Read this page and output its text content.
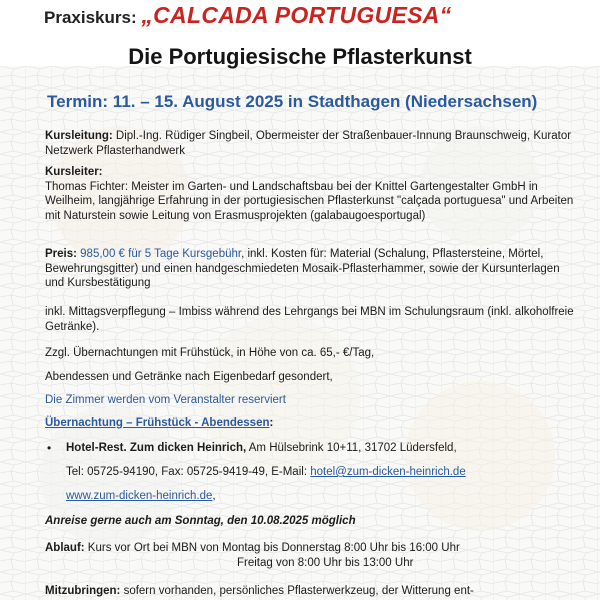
Praxiskurs: „CALCADA PORTUGUESA“
Die Portugiesische Pflasterkunst
Termin: 11. – 15. August 2025 in Stadthagen (Niedersachsen)
Kursleitung: Dipl.-Ing. Rüdiger Singbeil, Obermeister der Straßenbauer-Innung Braunschweig, Kurator Netzwerk Pflasterhandwerk
Kursleiter:
Thomas Fichter: Meister im Garten- und Landschaftsbau bei der Knittel Gartengestalter GmbH in Weilheim, langjährige Erfahrung in der portugiesischen Pflasterkunst "calçada portuguesa" und Arbeiten mit Naturstein sowie Leitung von Erasmusprojekten (galabaugoesportugal)
Preis: 985,00 € für 5 Tage Kursgebühr, inkl. Kosten für: Material (Schalung, Pflastersteine, Mörtel, Bewehrungsgitter) und einen handgeschmiedeten Mosaik-Pflasterhammer, sowie der Kursunterlagen und Kursbestätigung
inkl. Mittagsverpflegung – Imbiss während des Lehrgangs bei MBN im Schulungsraum (inkl. alkoholfreie Getränke).
Zzgl. Übernachtungen mit Frühstück, in Höhe von ca. 65,- €/Tag,
Abendessen und Getränke nach Eigenbedarf gesondert,
Die Zimmer werden vom Veranstalter reserviert
Übernachtung – Frühstück - Abendessen:
• Hotel-Rest. Zum dicken Heinrich, Am Hülsebrink 10+11, 31702 Lüdersfeld,
Tel: 05725-94190, Fax: 05725-9419-49, E-Mail: hotel@zum-dicken-heinrich.de
www.zum-dicken-heinrich.de,
Anreise gerne auch am Sonntag, den 10.08.2025 möglich
Ablauf: Kurs vor Ort bei MBN von Montag bis Donnerstag 8:00 Uhr bis 16:00 Uhr
Freitag von 8:00 Uhr bis 13:00 Uhr
Mitzubringen: sofern vorhanden, persönliches Pflasterwerkzeug, der Witterung ent-
